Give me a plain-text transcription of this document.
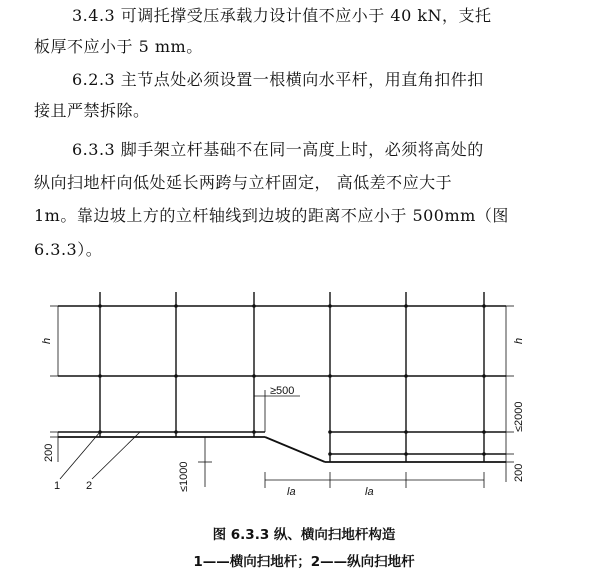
3.4.3 可调托撑受压承载力设计值不应小于 40 kN，支托
板厚不应小于 5 mm。
6.2.3 主节点处必须设置一根横向水平杆，用直角扣件扣
接且严禁拆除。
6.3.3 脚手架立杆基础不在同一高度上时，必须将高处的
纵向扫地杆向低处延长两跨与立杆固定， 高低差不应大于
1m。靠边坡上方的立杆轴线到边坡的距离不应小于 500mm（图
6.3.3）。
h
200
h
≤2000
200
≥500
≤1000	la	la
1 2
图 6.3.3 纵、横向扫地杆构造
1——横向扫地杆；2——纵向扫地杆
